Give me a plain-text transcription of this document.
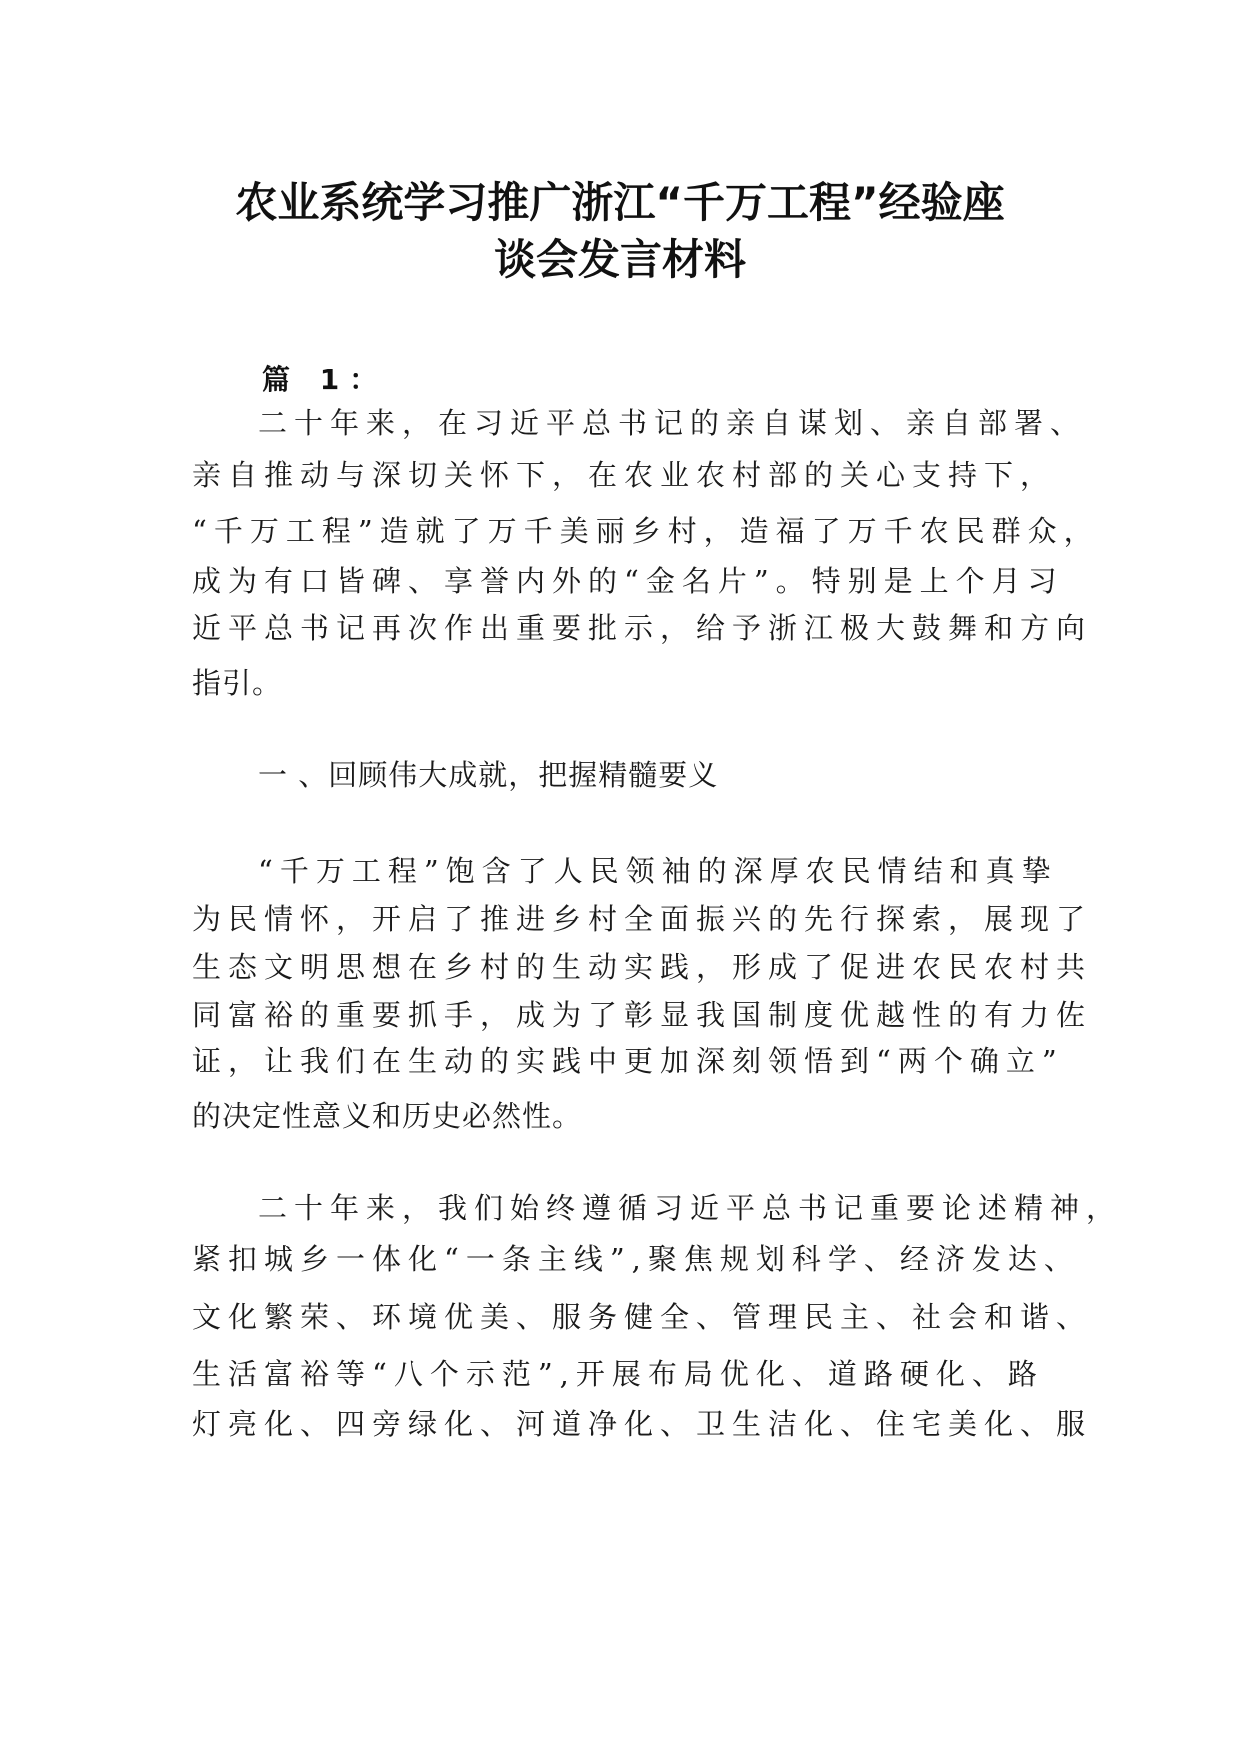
农业系统学习推广浙江“千万工程”经验座
谈会发言材料
篇 1：
二十年来，在习近平总书记的亲自谋划、亲自部署、
亲自推动与深切关怀下，在农业农村部的关心支持下，
“千万工程”造就了万千美丽乡村，造福了万千农民群众，
成为有口皆碑、享誉内外的“金名片”。特别是上个月习
近平总书记再次作出重要批示，给予浙江极大鼓舞和方向
指引。
一 、回顾伟大成就，把握精髓要义
“千万工程”饱含了人民领袖的深厚农民情结和真挚
为民情怀，开启了推进乡村全面振兴的先行探索，展现了
生态文明思想在乡村的生动实践，形成了促进农民农村共
同富裕的重要抓手，成为了彰显我国制度优越性的有力佐
证，让我们在生动的实践中更加深刻领悟到“两个确立”
的决定性意义和历史必然性。
二十年来，我们始终遵循习近平总书记重要论述精神，
紧扣城乡一体化“一条主线”,聚焦规划科学、经济发达、
文化繁荣、环境优美、服务健全、管理民主、社会和谐、
生活富裕等“八个示范”,开展布局优化、道路硬化、路
灯亮化、四旁绿化、河道净化、卫生洁化、住宅美化、服
